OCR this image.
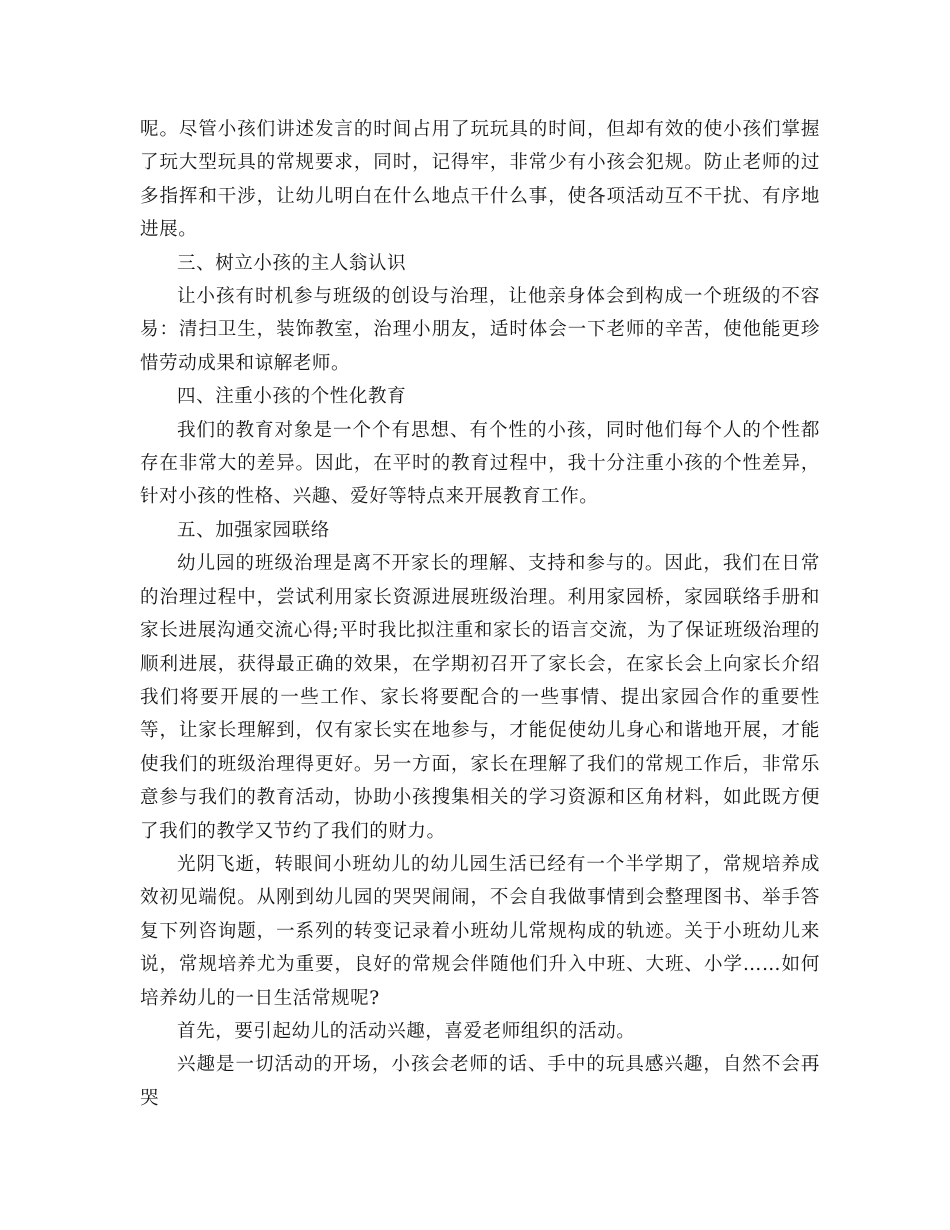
呢。尽管小孩们讲述发言的时间占用了玩玩具的时间，但却有效的使小孩们掌握了玩大型玩具的常规要求，同时，记得牢，非常少有小孩会犯规。防止老师的过多指挥和干涉，让幼儿明白在什么地点干什么事，使各项活动互不干扰、有序地进展。

三、树立小孩的主人翁认识

让小孩有时机参与班级的创设与治理，让他亲身体会到构成一个班级的不容易：清扫卫生，装饰教室，治理小朋友，适时体会一下老师的辛苦，使他能更珍惜劳动成果和谅解老师。

四、注重小孩的个性化教育

我们的教育对象是一个个有思想、有个性的小孩，同时他们每个人的个性都存在非常大的差异。因此，在平时的教育过程中，我十分注重小孩的个性差异，针对小孩的性格、兴趣、爱好等特点来开展教育工作。

五、加强家园联络

幼儿园的班级治理是离不开家长的理解、支持和参与的。因此，我们在日常的治理过程中，尝试利用家长资源进展班级治理。利用家园桥，家园联络手册和家长进展沟通交流心得;平时我比拟注重和家长的语言交流，为了保证班级治理的顺利进展，获得最正确的效果，在学期初召开了家长会，在家长会上向家长介绍我们将要开展的一些工作、家长将要配合的一些事情、提出家园合作的重要性等，让家长理解到，仅有家长实在地参与，才能促使幼儿身心和谐地开展，才能使我们的班级治理得更好。另一方面，家长在理解了我们的常规工作后，非常乐意参与我们的教育活动，协助小孩搜集相关的学习资源和区角材料，如此既方便了我们的教学又节约了我们的财力。

光阴飞逝，转眼间小班幼儿的幼儿园生活已经有一个半学期了，常规培养成效初见端倪。从刚到幼儿园的哭哭闹闹，不会自我做事情到会整理图书、举手答复下列咨询题，一系列的转变记录着小班幼儿常规构成的轨迹。关于小班幼儿来说，常规培养尤为重要，良好的常规会伴随他们升入中班、大班、小学……如何培养幼儿的一日生活常规呢?

首先，要引起幼儿的活动兴趣，喜爱老师组织的活动。

兴趣是一切活动的开场，小孩会老师的话、手中的玩具感兴趣，自然不会再哭
